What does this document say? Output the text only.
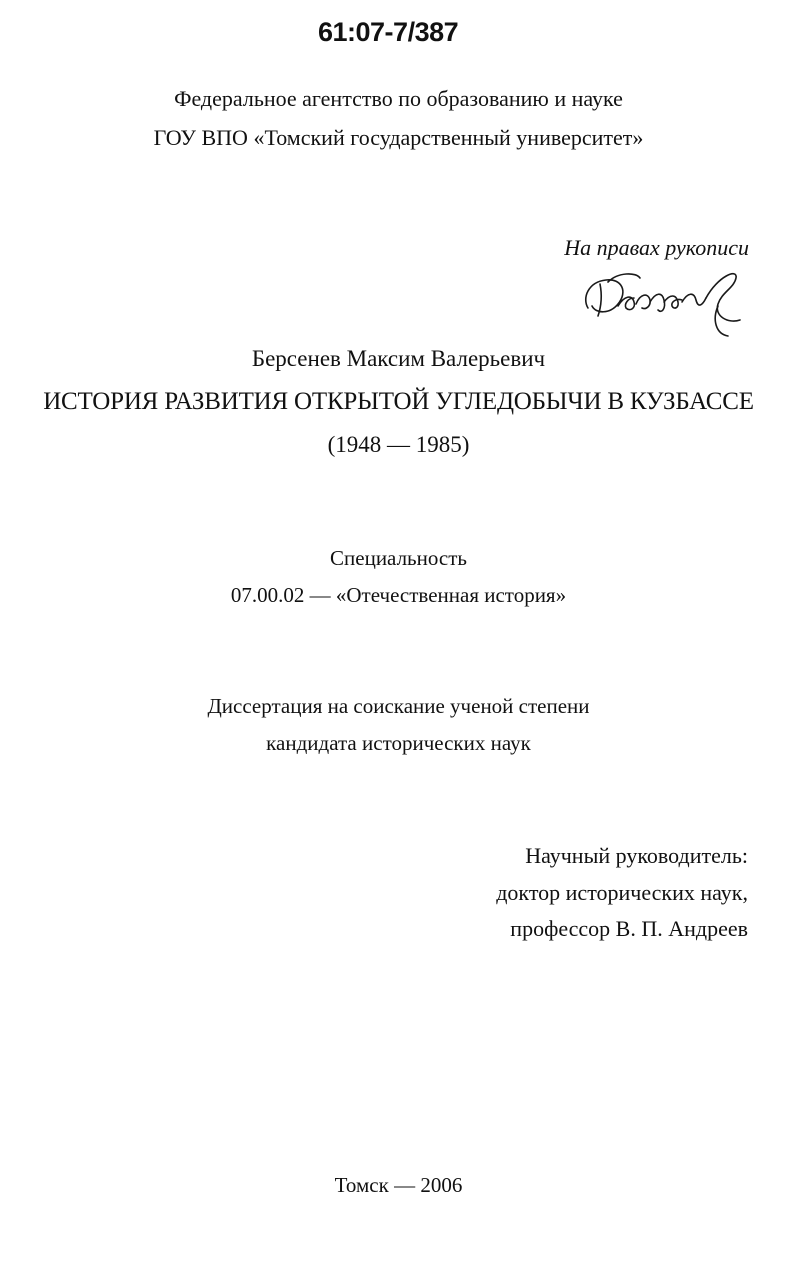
61:07-7/387
Федеральное агентство по образованию и науке
ГОУ ВПО «Томский государственный университет»
На правах рукописи
Берсенев Максим Валерьевич
ИСТОРИЯ РАЗВИТИЯ ОТКРЫТОЙ УГЛЕДОБЫЧИ В КУЗБАССЕ
(1948 — 1985)
Специальность
07.00.02 — «Отечественная история»
Диссертация на соискание ученой степени
кандидата исторических наук
Научный руководитель:
доктор исторических наук,
профессор В. П. Андреев
Томск — 2006
